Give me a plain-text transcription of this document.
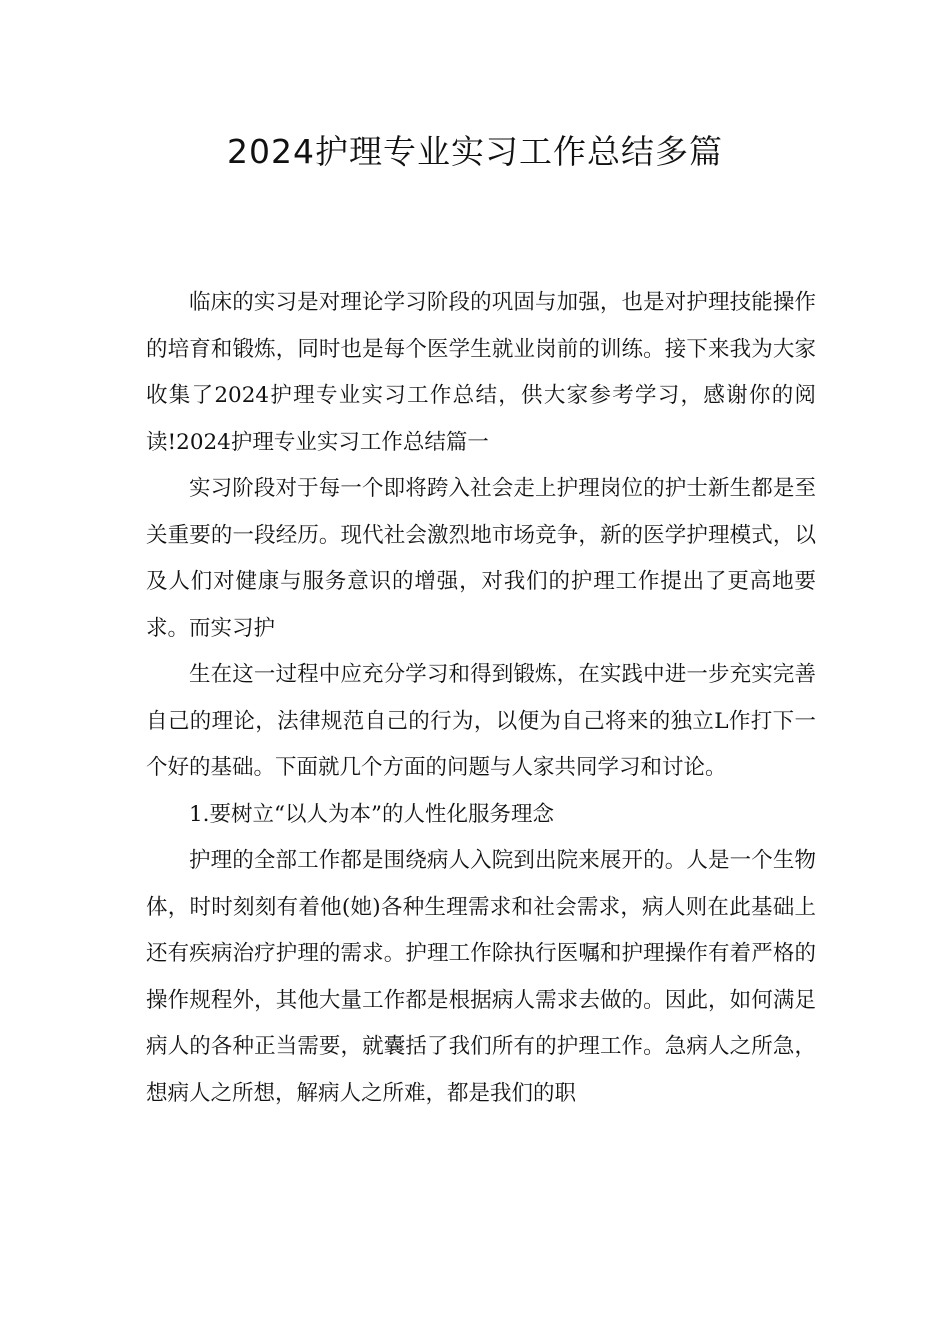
2024护理专业实习工作总结多篇

临床的实习是对理论学习阶段的巩固与加强，也是对护理技能操作的培育和锻炼，同时也是每个医学生就业岗前的训练。接下来我为大家收集了2024护理专业实习工作总结，供大家参考学习，感谢你的阅读!2024护理专业实习工作总结篇一

实习阶段对于每一个即将跨入社会走上护理岗位的护士新生都是至关重要的一段经历。现代社会激烈地市场竞争，新的医学护理模式，以及人们对健康与服务意识的增强，对我们的护理工作提出了更高地要求。而实习护

生在这一过程中应充分学习和得到锻炼，在实践中进一步充实完善自己的理论，法律规范自己的行为，以便为自己将来的独立L作打下一个好的基础。下面就几个方面的问题与人家共同学习和讨论。

1.要树立“以人为本”的人性化服务理念

护理的全部工作都是围绕病人入院到出院来展开的。人是一个生物体，时时刻刻有着他(她)各种生理需求和社会需求，病人则在此基础上还有疾病治疗护理的需求。护理工作除执行医嘱和护理操作有着严格的操作规程外，其他大量工作都是根据病人需求去做的。因此，如何满足病人的各种正当需要，就囊括了我们所有的护理工作。急病人之所急，想病人之所想，解病人之所难，都是我们的职
